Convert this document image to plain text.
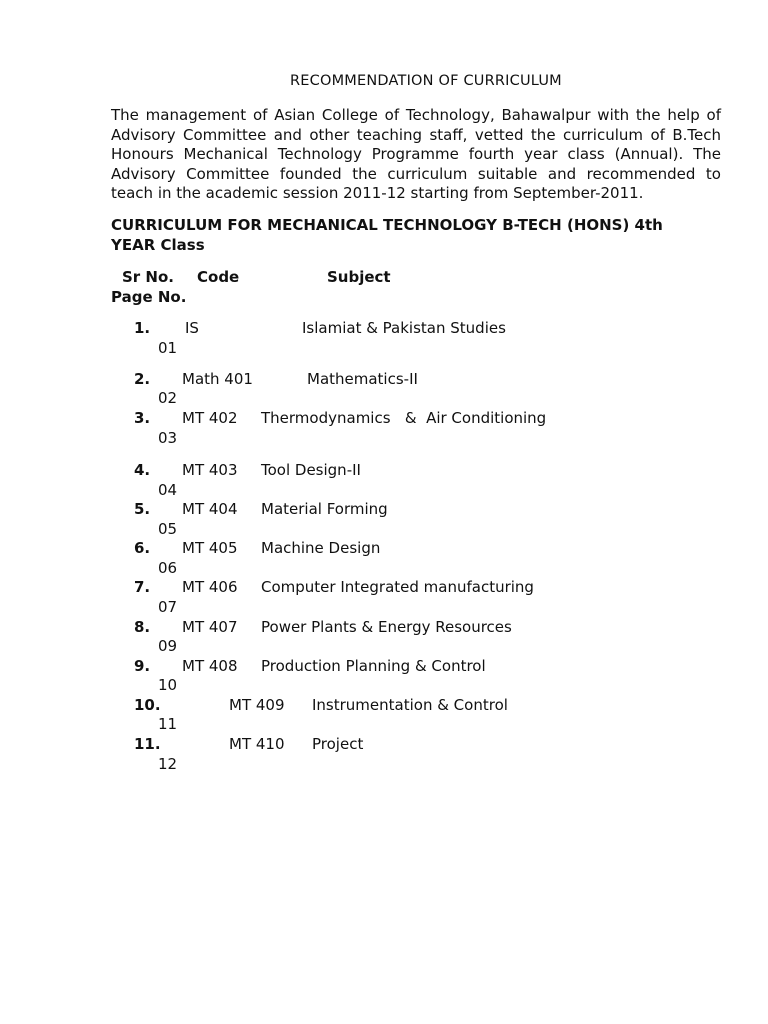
RECOMMENDATION OF CURRICULUM
The management of Asian College of Technology, Bahawalpur with the help of Advisory Committee and other teaching staff, vetted the curriculum of B.Tech Honours Mechanical Technology Programme fourth year class (Annual). The Advisory Committee founded the curriculum suitable and recommended to teach in the academic session 2011-12 starting from September-2011.
CURRICULUM FOR MECHANICAL TECHNOLOGY B-TECH (HONS) 4th
YEAR Class
Sr No. Code	Subject
Page No.
1. IS	Islamiat & Pakistan Studies
01
2. Math 401	Mathematics-II
02
3. MT 402 Thermodynamics   &  Air Conditioning
03
4. MT 403 Tool Design-II
04
5. MT 404 Material Forming
05
6. MT 405 Machine Design
06
7. MT 406 Computer Integrated manufacturing
07
8. MT 407 Power Plants & Energy Resources
09
9. MT 408 Production Planning & Control
10
10.	MT 409 Instrumentation & Control
11
11.	MT 410 Project
12
